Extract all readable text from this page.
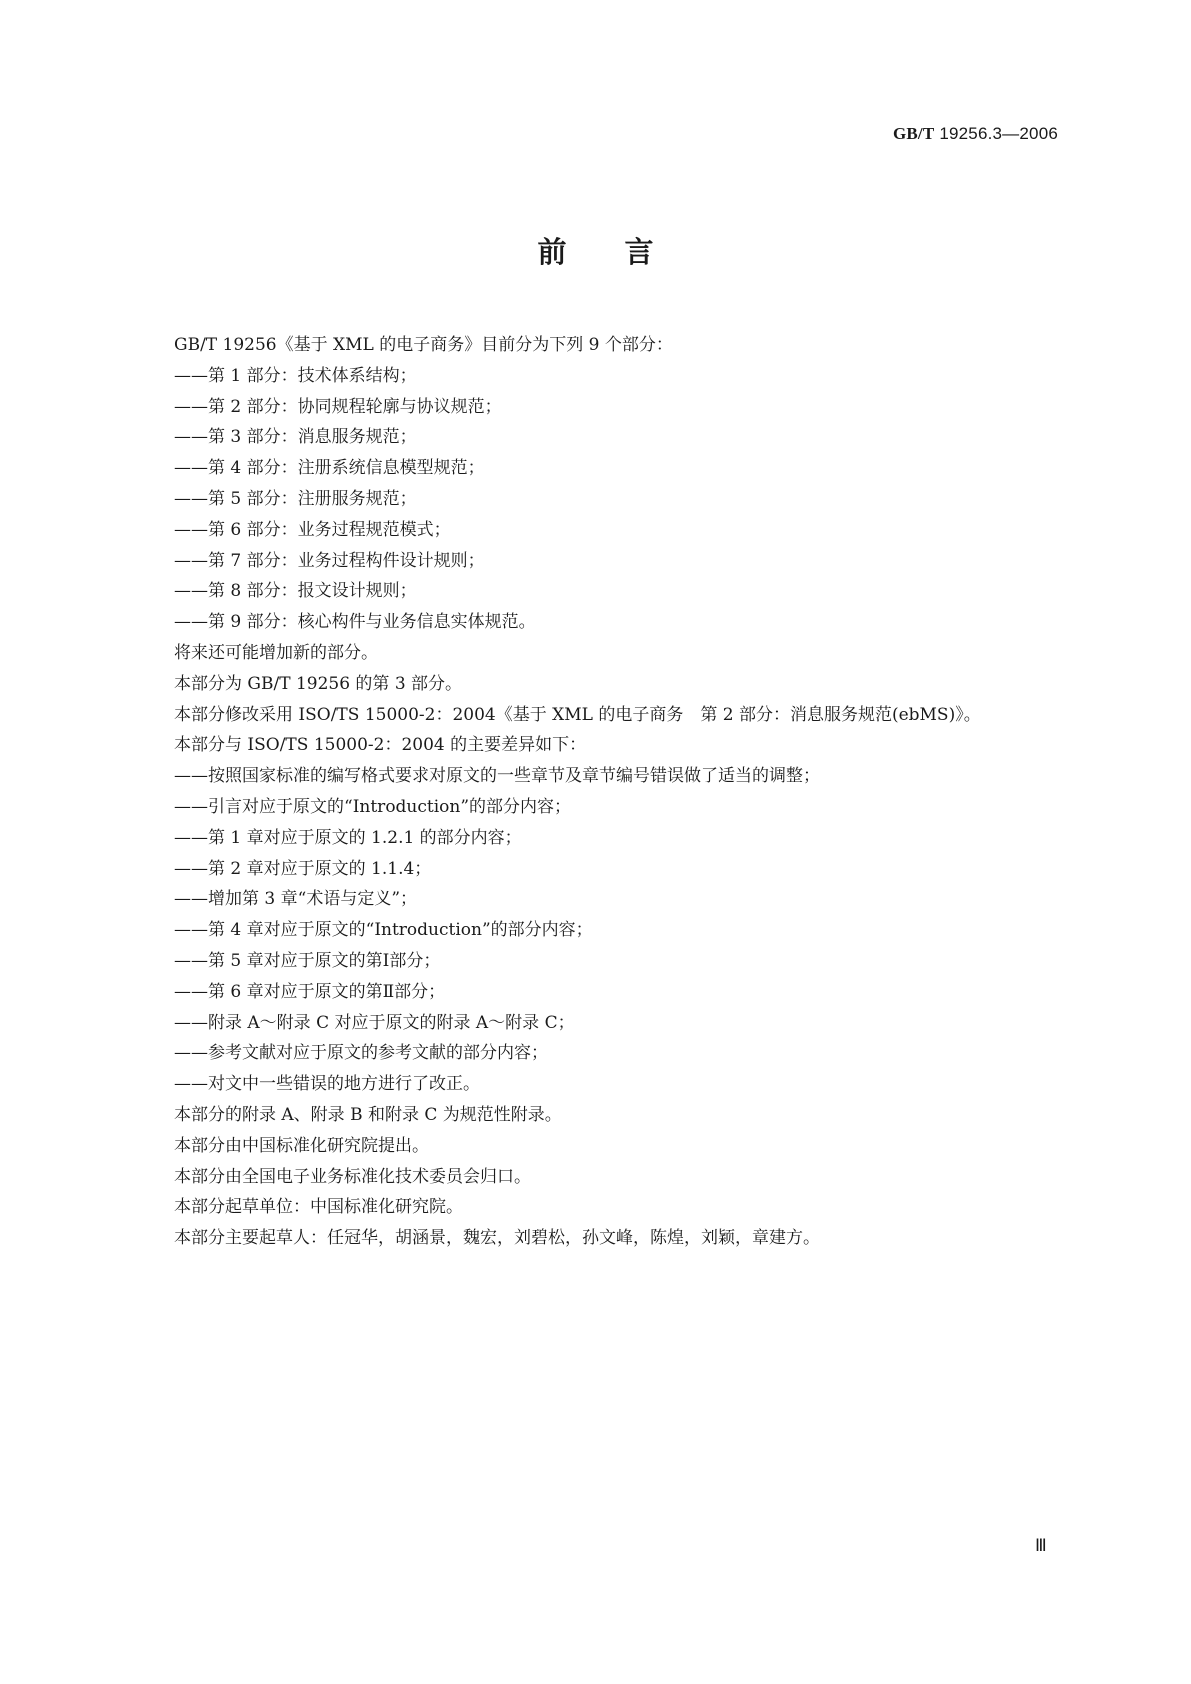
GB/T 19256.3—2006
前言

GB/T 19256《基于 XML 的电子商务》目前分为下列 9 个部分：

——第 1 部分：技术体系结构；

——第 2 部分：协同规程轮廓与协议规范；

——第 3 部分：消息服务规范；

——第 4 部分：注册系统信息模型规范；

——第 5 部分：注册服务规范；

——第 6 部分：业务过程规范模式；

——第 7 部分：业务过程构件设计规则；

——第 8 部分：报文设计规则；

——第 9 部分：核心构件与业务信息实体规范。

将来还可能增加新的部分。

本部分为 GB/T 19256 的第 3 部分。

本部分修改采用 ISO/TS 15000-2：2004《基于 XML 的电子商务　第 2 部分：消息服务规范(ebMS)》。

本部分与 ISO/TS 15000-2：2004 的主要差异如下：

——按照国家标准的编写格式要求对原文的一些章节及章节编号错误做了适当的调整；

——引言对应于原文的“Introduction”的部分内容；

——第 1 章对应于原文的 1.2.1 的部分内容；

——第 2 章对应于原文的 1.1.4；

——增加第 3 章“术语与定义”；

——第 4 章对应于原文的“Introduction”的部分内容；

——第 5 章对应于原文的第Ⅰ部分；

——第 6 章对应于原文的第Ⅱ部分；

——附录 A～附录 C 对应于原文的附录 A～附录 C；

——参考文献对应于原文的参考文献的部分内容；

——对文中一些错误的地方进行了改正。

本部分的附录 A、附录 B 和附录 C 为规范性附录。

本部分由中国标准化研究院提出。

本部分由全国电子业务标准化技术委员会归口。

本部分起草单位：中国标准化研究院。

本部分主要起草人：任冠华，胡涵景，魏宏，刘碧松，孙文峰，陈煌，刘颖，章建方。

Ⅲ
